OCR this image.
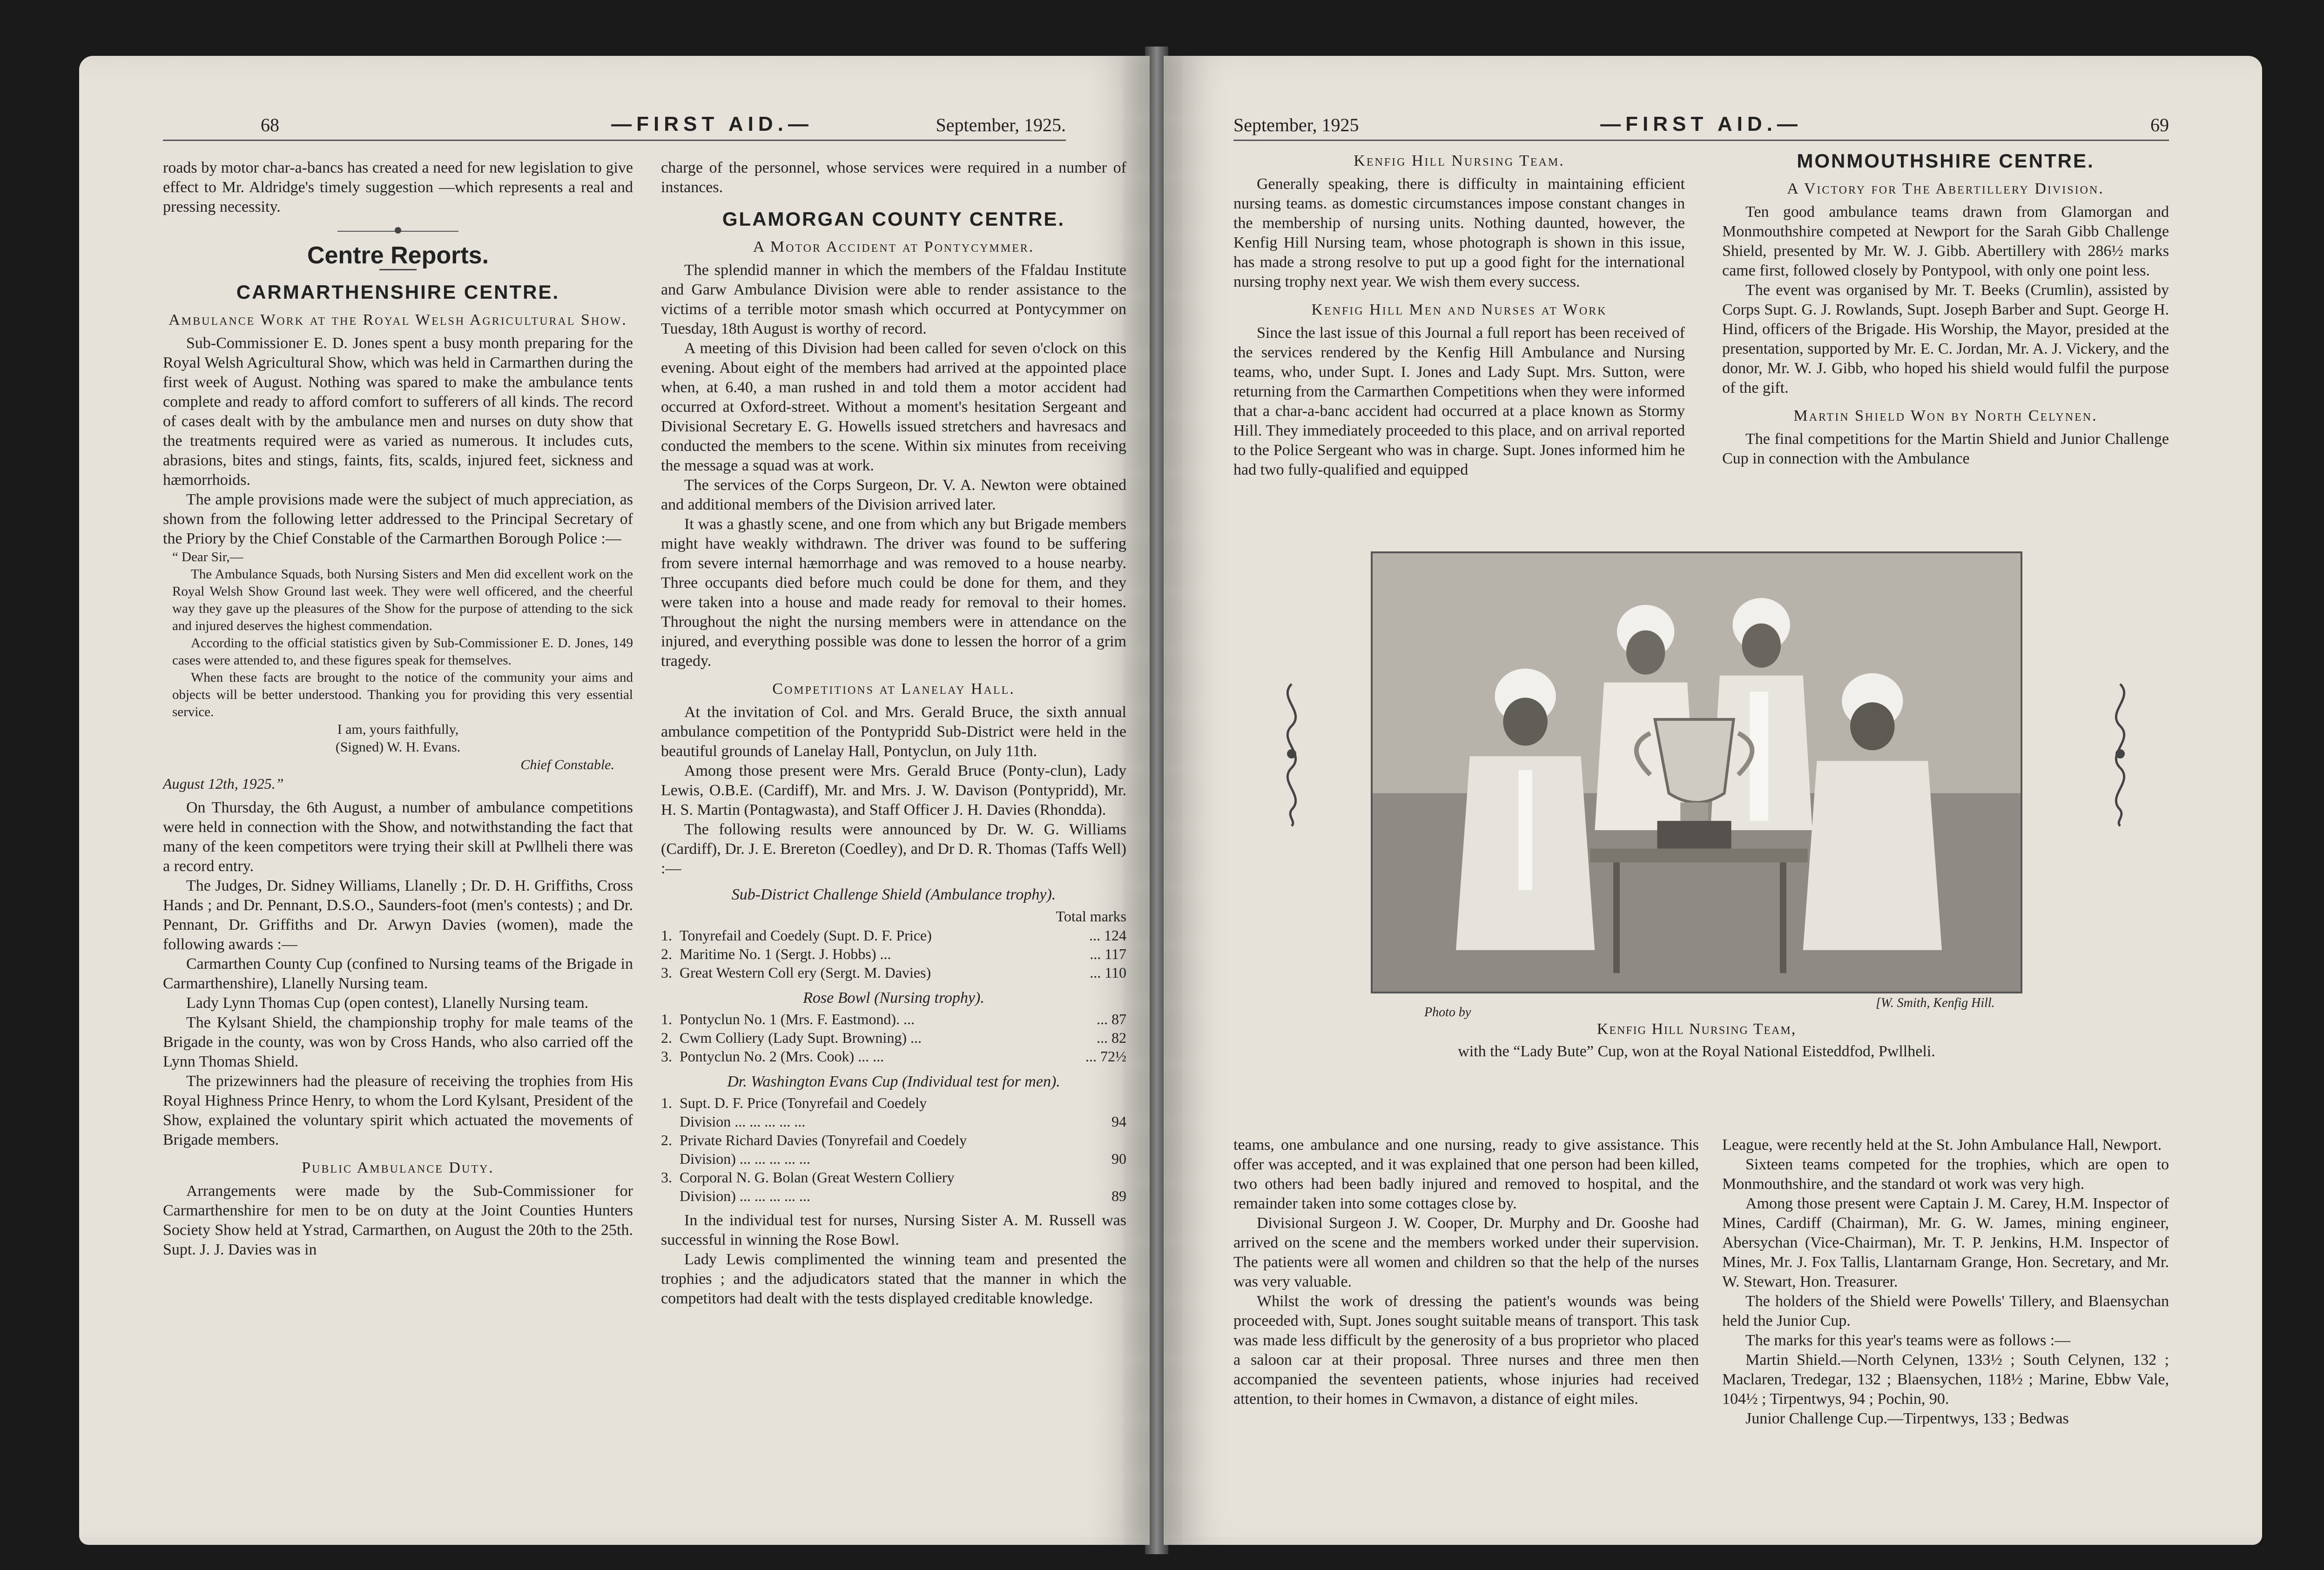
68	—FIRST AID.—	September, 1925.

roads by motor char-a-bancs has created a need for new legislation to give effect to Mr. Aldridge's timely suggestion —which represents a real and pressing necessity.

Centre Reports.
CARMARTHENSHIRE CENTRE.
Ambulance Work at the Royal Welsh Agricultural Show.

Sub-Commissioner E. D. Jones spent a busy month preparing for the Royal Welsh Agricultural Show, which was held in Carmarthen during the first week of August. Nothing was spared to make the ambulance tents complete and ready to afford comfort to sufferers of all kinds. The record of cases dealt with by the ambulance men and nurses on duty show that the treatments required were as varied as numerous. It includes cuts, abrasions, bites and stings, faints, fits, scalds, injured feet, sickness and hæmorrhoids.

The ample provisions made were the subject of much appreciation, as shown from the following letter addressed to the Principal Secretary of the Priory by the Chief Constable of the Carmarthen Borough Police :—

“ Dear Sir,—

The Ambulance Squads, both Nursing Sisters and Men did excellent work on the Royal Welsh Show Ground last week. They were well officered, and the cheerful way they gave up the pleasures of the Show for the purpose of attending to the sick and injured deserves the highest commendation.

According to the official statistics given by Sub-Commissioner E. D. Jones, 149 cases were attended to, and these figures speak for themselves.

When these facts are brought to the notice of the community your aims and objects will be better understood. Thanking you for providing this very essential service.

I am, yours faithfully,
(Signed) W. H. Evans.
Chief Constable.
August 12th, 1925.”

On Thursday, the 6th August, a number of ambulance competitions were held in connection with the Show, and notwithstanding the fact that many of the keen competitors were trying their skill at Pwllheli there was a record entry.

The Judges, Dr. Sidney Williams, Llanelly ; Dr. D. H. Griffiths, Cross Hands ; and Dr. Pennant, D.S.O., Saunders-foot (men's contests) ; and Dr. Pennant, Dr. Griffiths and Dr. Arwyn Davies (women), made the following awards :—

Carmarthen County Cup (confined to Nursing teams of the Brigade in Carmarthenshire), Llanelly Nursing team.

Lady Lynn Thomas Cup (open contest), Llanelly Nursing team.

The Kylsant Shield, the championship trophy for male teams of the Brigade in the county, was won by Cross Hands, who also carried off the Lynn Thomas Shield.

The prizewinners had the pleasure of receiving the trophies from His Royal Highness Prince Henry, to whom the Lord Kylsant, President of the Show, explained the voluntary spirit which actuated the movements of Brigade members.

Public Ambulance Duty.

Arrangements were made by the Sub-Commissioner for Carmarthenshire for men to be on duty at the Joint Counties Hunters Society Show held at Ystrad, Carmarthen, on August the 20th to the 25th. Supt. J. J. Davies was in

charge of the personnel, whose services were required in a number of instances.

GLAMORGAN COUNTY CENTRE.
A Motor Accident at Pontycymmer.

The splendid manner in which the members of the Ffaldau Institute and Garw Ambulance Division were able to render assistance to the victims of a terrible motor smash which occurred at Pontycymmer on Tuesday, 18th August is worthy of record.

A meeting of this Division had been called for seven o'clock on this evening. About eight of the members had arrived at the appointed place when, at 6.40, a man rushed in and told them a motor accident had occurred at Oxford-street. Without a moment's hesitation Sergeant and Divisional Secretary E. G. Howells issued stretchers and havresacs and conducted the members to the scene. Within six minutes from receiving the message a squad was at work.

The services of the Corps Surgeon, Dr. V. A. Newton were obtained and additional members of the Division arrived later.

It was a ghastly scene, and one from which any but Brigade members might have weakly withdrawn. The driver was found to be suffering from severe internal hæmorrhage and was removed to a house nearby. Three occupants died before much could be done for them, and they were taken into a house and made ready for removal to their homes. Throughout the night the nursing members were in attendance on the injured, and everything possible was done to lessen the horror of a grim tragedy.

Competitions at Lanelay Hall.

At the invitation of Col. and Mrs. Gerald Bruce, the sixth annual ambulance competition of the Pontypridd Sub-District were held in the beautiful grounds of Lanelay Hall, Pontyclun, on July 11th.

Among those present were Mrs. Gerald Bruce (Ponty-clun), Lady Lewis, O.B.E. (Cardiff), Mr. and Mrs. J. W. Davison (Pontypridd), Mr. H. S. Martin (Pontagwasta), and Staff Officer J. H. Davies (Rhondda).

The following results were announced by Dr. W. G. Williams (Cardiff), Dr. J. E. Brereton (Coedley), and Dr D. R. Thomas (Taffs Well) :—

Sub-District Challenge Shield (Ambulance trophy).
Total marks
1. Tonyrefail and Coedely (Supt. D. F. Price)	... 124
2. Maritime No. 1 (Sergt. J. Hobbs) ...	... 117
3. Great Western Coll ery (Sergt. M. Davies)	... 110
Rose Bowl (Nursing trophy).
1. Pontyclun No. 1 (Mrs. F. Eastmond). ...	... 87
2. Cwm Colliery (Lady Supt. Browning) ...	... 82
3. Pontyclun No. 2 (Mrs. Cook) ... ...	... 72½
Dr. Washington Evans Cup (Individual test for men).
1. Supt. D. F. Price (Tonyrefail and Coedely
Division ... ... ... ... ...	94
2. Private Richard Davies (Tonyrefail and Coedely
Division) ... ... ... ... ...	90
3. Corporal N. G. Bolan (Great Western Colliery
Division) ... ... ... ... ...	89

In the individual test for nurses, Nursing Sister A. M. Russell was successful in winning the Rose Bowl.

Lady Lewis complimented the winning team and presented the trophies ; and the adjudicators stated that the manner in which the competitors had dealt with the tests displayed creditable knowledge.

September, 1925	—FIRST AID.—	69
Kenfig Hill Nursing Team.

Generally speaking, there is difficulty in maintaining efficient nursing teams. as domestic circumstances impose constant changes in the membership of nursing units. Nothing daunted, however, the Kenfig Hill Nursing team, whose photograph is shown in this issue, has made a strong resolve to put up a good fight for the international nursing trophy next year. We wish them every success.

Kenfig Hill Men and Nurses at Work

Since the last issue of this Journal a full report has been received of the services rendered by the Kenfig Hill Ambulance and Nursing teams, who, under Supt. I. Jones and Lady Supt. Mrs. Sutton, were returning from the Carmarthen Competitions when they were informed that a char-a-banc accident had occurred at a place known as Stormy Hill. They immediately proceeded to this place, and on arrival reported to the Police Sergeant who was in charge. Supt. Jones informed him he had two fully-qualified and equipped

MONMOUTHSHIRE CENTRE.
A Victory for The Abertillery Division.

Ten good ambulance teams drawn from Glamorgan and Monmouthshire competed at Newport for the Sarah Gibb Challenge Shield, presented by Mr. W. J. Gibb. Abertillery with 286½ marks came first, followed closely by Pontypool, with only one point less.

The event was organised by Mr. T. Beeks (Crumlin), assisted by Corps Supt. G. J. Rowlands, Supt. Joseph Barber and Supt. George H. Hind, officers of the Brigade. His Worship, the Mayor, presided at the presentation, supported by Mr. E. C. Jordan, Mr. A. J. Vickery, and the donor, Mr. W. J. Gibb, who hoped his shield would fulfil the purpose of the gift.

Martin Shield Won by North Celynen.

The final competitions for the Martin Shield and Junior Challenge Cup in connection with the Ambulance

teams, one ambulance and one nursing, ready to give assistance. This offer was accepted, and it was explained that one person had been killed, two others had been badly injured and removed to hospital, and the remainder taken into some cottages close by.

Divisional Surgeon J. W. Cooper, Dr. Murphy and Dr. Gooshe had arrived on the scene and the members worked under their supervision. The patients were all women and children so that the help of the nurses was very valuable.

Whilst the work of dressing the patient's wounds was being proceeded with, Supt. Jones sought suitable means of transport. This task was made less difficult by the generosity of a bus proprietor who placed a saloon car at their proposal. Three nurses and three men then accompanied the seventeen patients, whose injuries had received attention, to their homes in Cwmavon, a distance of eight miles.

League, were recently held at the St. John Ambulance Hall, Newport.

Sixteen teams competed for the trophies, which are open to Monmouthshire, and the standard ot work was very high.

Among those present were Captain J. M. Carey, H.M. Inspector of Mines, Cardiff (Chairman), Mr. G. W. James, mining engineer, Abersychan (Vice-Chairman), Mr. T. P. Jenkins, H.M. Inspector of Mines, Mr. J. Fox Tallis, Llantarnam Grange, Hon. Secretary, and Mr. W. Stewart, Hon. Treasurer.

The holders of the Shield were Powells' Tillery, and Blaensychan held the Junior Cup.

The marks for this year's teams were as follows :—

Martin Shield.—North Celynen, 133½ ; South Celynen, 132 ; Maclaren, Tredegar, 132 ; Blaensychen, 118½ ; Marine, Ebbw Vale, 104½ ; Tirpentwys, 94 ; Pochin, 90.

Junior Challenge Cup.—Tirpentwys, 133 ; Bedwas

Photo by
[W. Smith, Kenfig Hill.
Kenfig Hill Nursing Team,
with the “Lady Bute” Cup, won at the Royal National Eisteddfod, Pwllheli.
